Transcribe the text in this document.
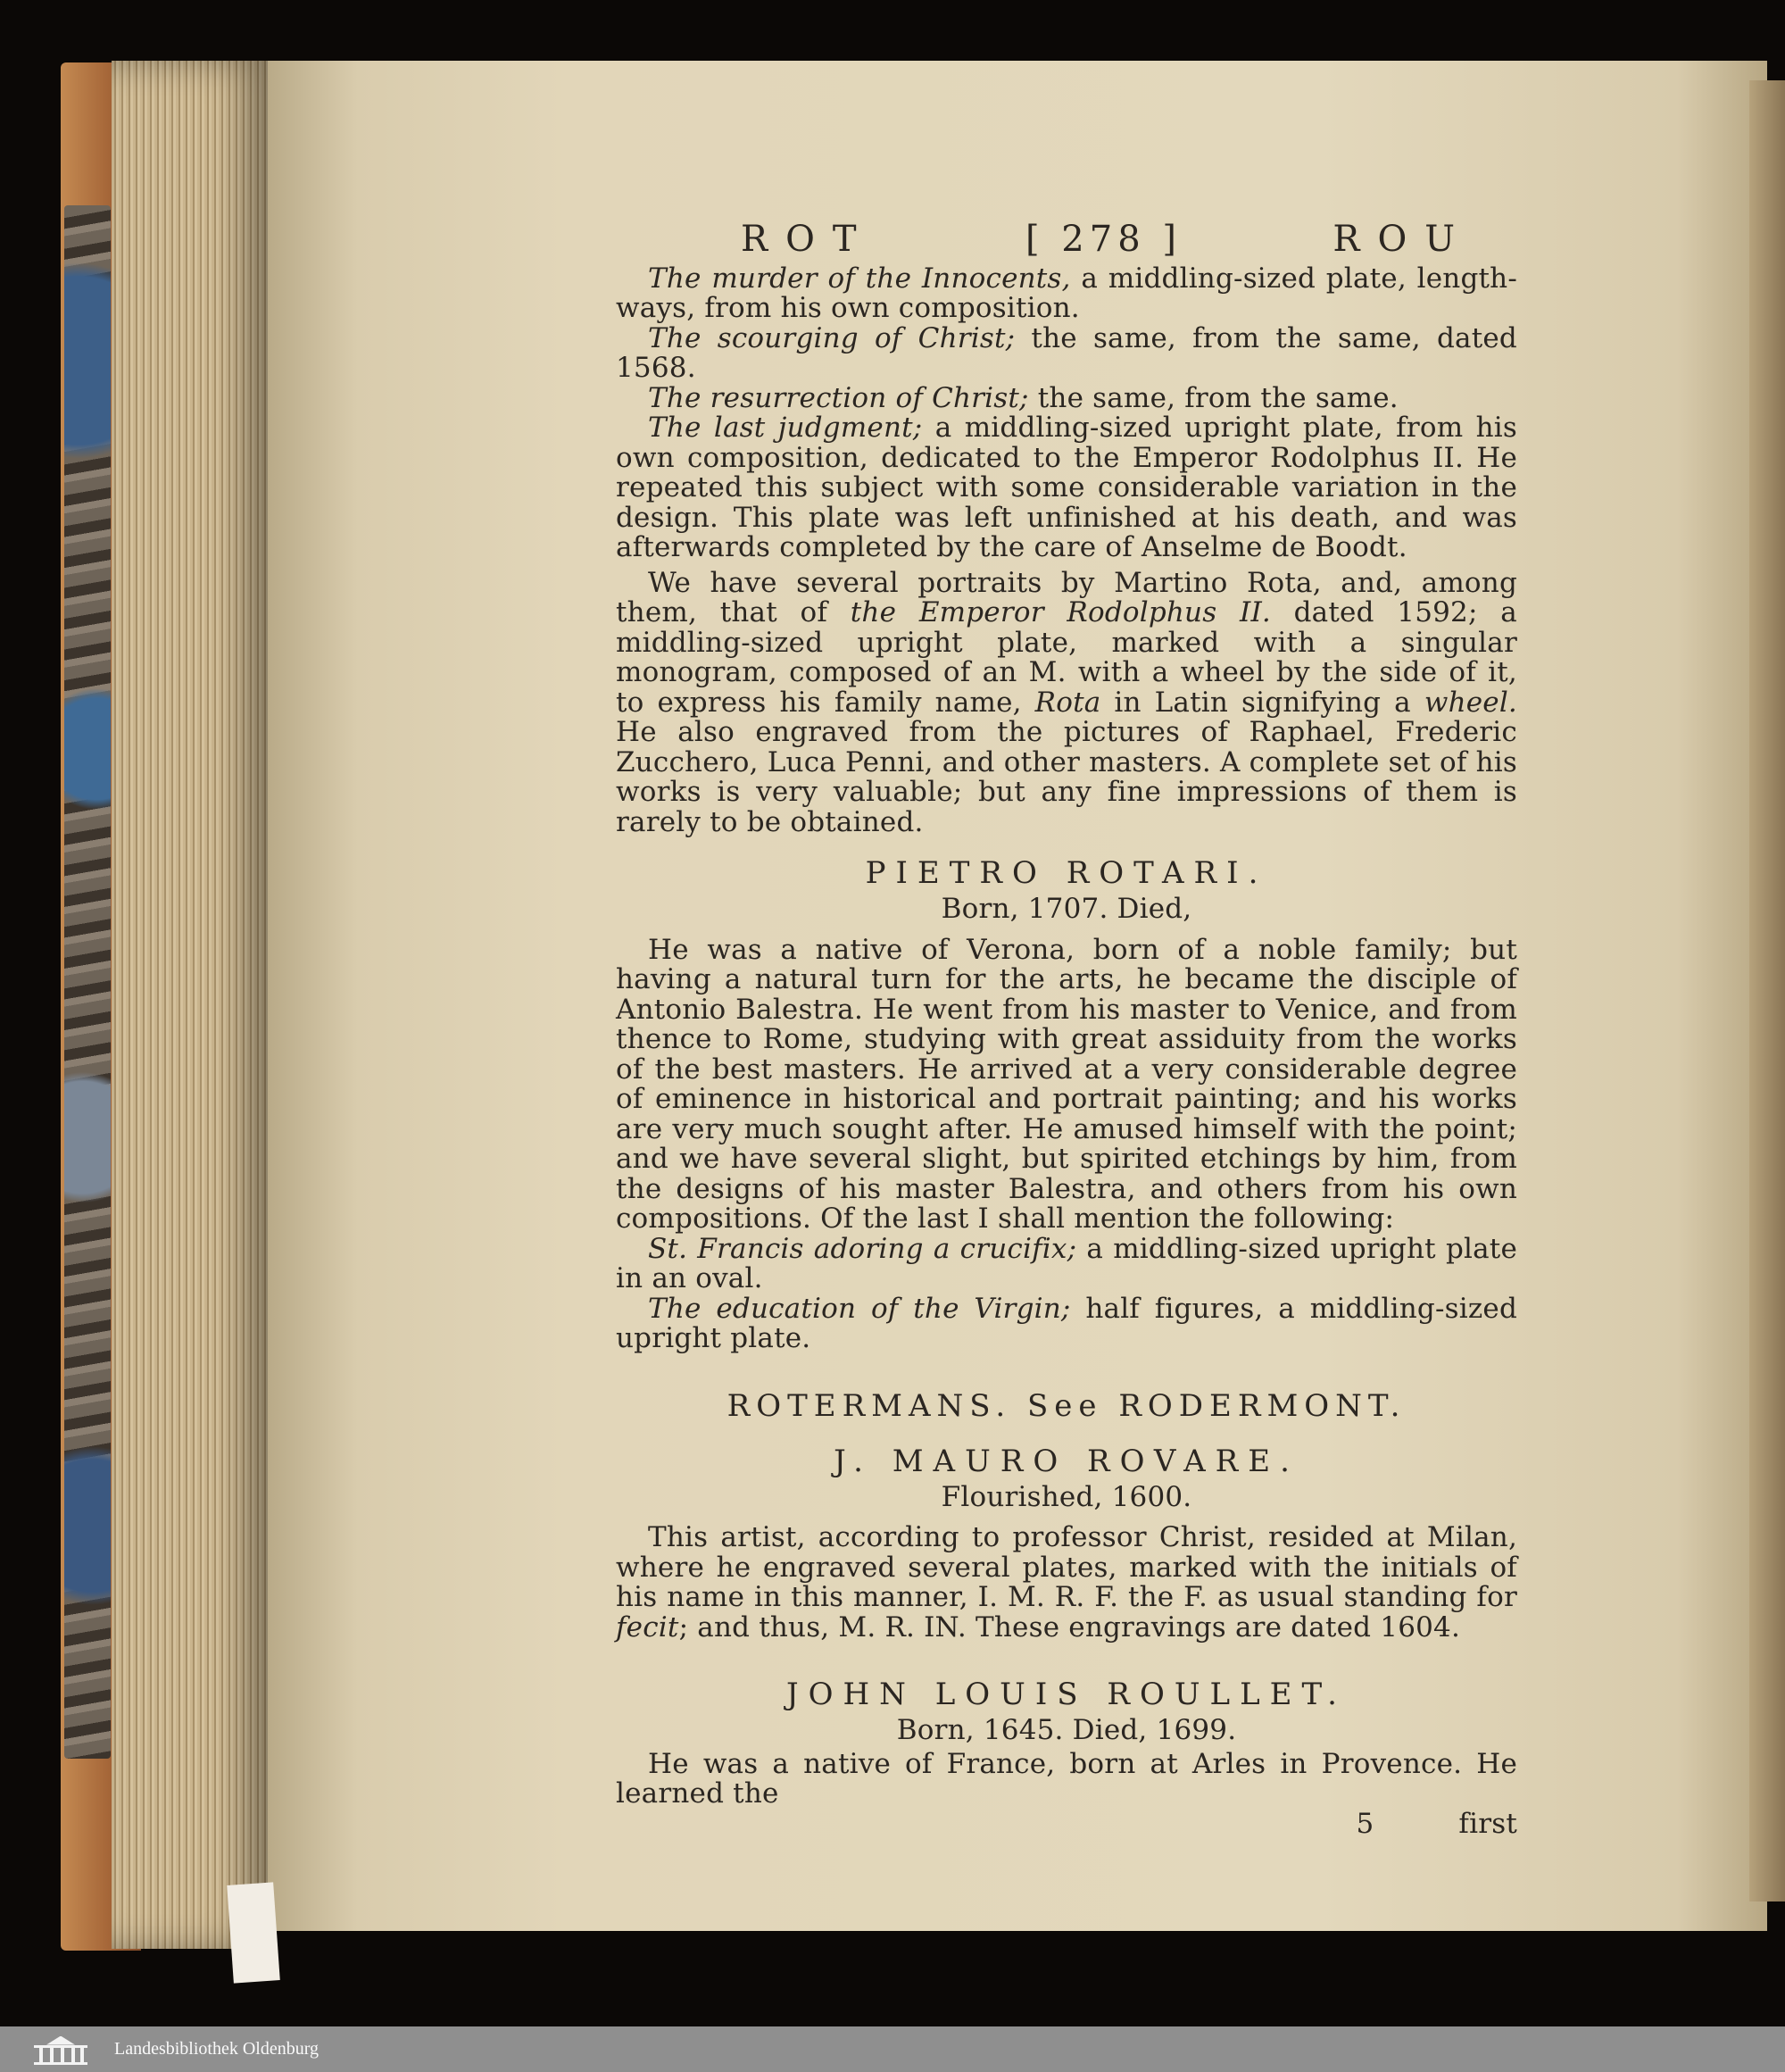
ROT	[ 278 ]	ROU

The murder of the Innocents, a middling-sized plate, length-ways, from his own composition.

The scourging of Christ; the same, from the same, dated 1568.

The resurrection of Christ; the same, from the same.

The last judgment; a middling-sized upright plate, from his own composition, dedicated to the Emperor Rodolphus II. He repeated this subject with some considerable variation in the design. This plate was left unfinished at his death, and was afterwards completed by the care of Anselme de Boodt.

We have several portraits by Martino Rota, and, among them, that of the Emperor Rodolphus II. dated 1592; a middling-sized upright plate, marked with a singular monogram, composed of an M. with a wheel by the side of it, to express his family name, Rota in Latin signifying a wheel. He also engraved from the pictures of Raphael, Frederic Zucchero, Luca Penni, and other masters. A complete set of his works is very valuable; but any fine impressions of them is rarely to be obtained.

PIETRO ROTARI.
Born, 1707. Died,

He was a native of Verona, born of a noble family; but having a natural turn for the arts, he became the disciple of Antonio Balestra. He went from his master to Venice, and from thence to Rome, studying with great assiduity from the works of the best masters. He arrived at a very considerable degree of eminence in historical and portrait painting; and his works are very much sought after. He amused himself with the point; and we have several slight, but spirited etchings by him, from the designs of his master Balestra, and others from his own compositions. Of the last I shall mention the following:

St. Francis adoring a crucifix; a middling-sized upright plate in an oval.

The education of the Virgin; half figures, a middling-sized upright plate.

ROTERMANS. See RODERMONT.
J. MAURO ROVARE.
Flourished, 1600.

This artist, according to professor Christ, resided at Milan, where he engraved several plates, marked with the initials of his name in this manner, I. M. R. F. the F. as usual standing for fecit; and thus, M. R. IN. These engravings are dated 1604.

JOHN LOUIS ROULLET.
Born, 1645. Died, 1699.

He was a native of France, born at Arles in Provence. He learned the

5	first
Landesbibliothek Oldenburg
